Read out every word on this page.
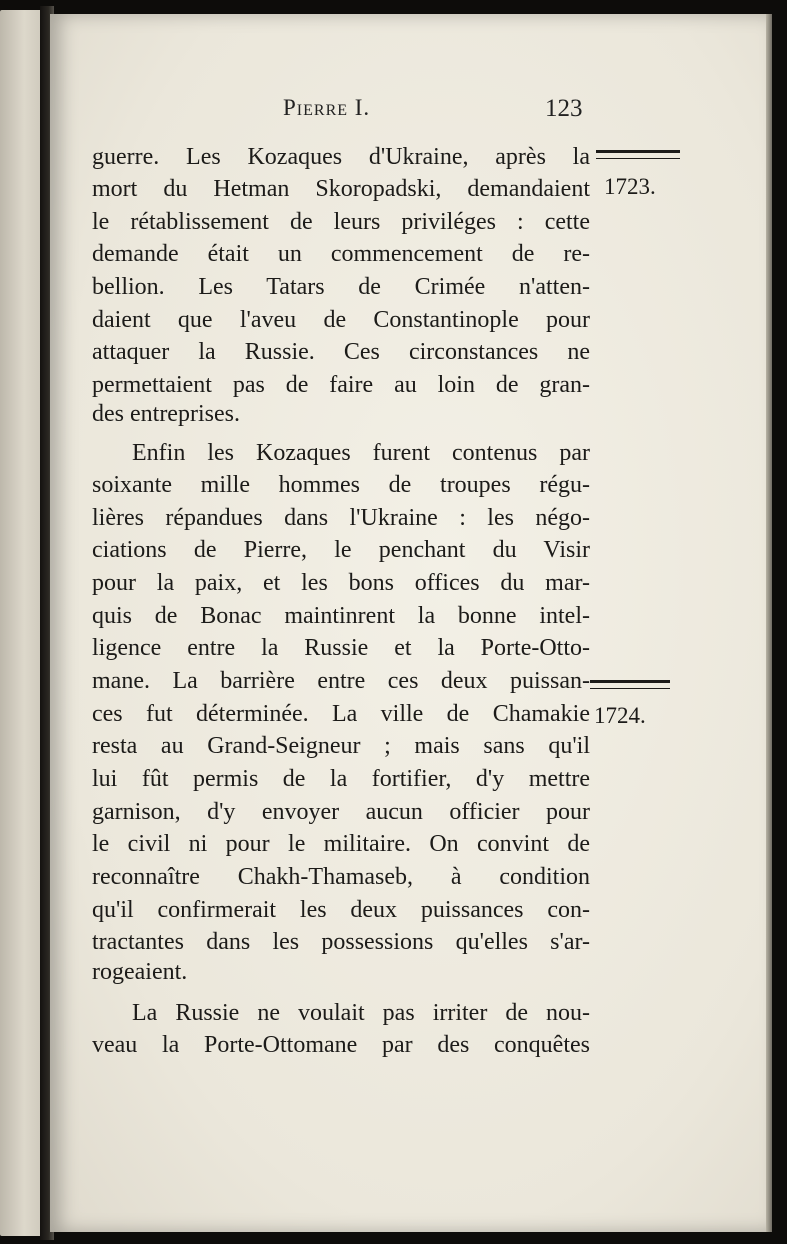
Pierre I.	123
guerre. Les Kozaques d'Ukraine, après la
mort du Hetman Skoropadski, demandaient
le rétablissement de leurs priviléges : cette
demande était un commencement de re-
bellion. Les Tatars de Crimée n'atten-
daient que l'aveu de Constantinople pour
attaquer la Russie. Ces circonstances ne
permettaient pas de faire au loin de gran-
des entreprises.
Enfin les Kozaques furent contenus par
soixante mille hommes de troupes régu-
lières répandues dans l'Ukraine : les négo-
ciations de Pierre, le penchant du Visir
pour la paix, et les bons offices du mar-
quis de Bonac maintinrent la bonne intel-
ligence entre la Russie et la Porte-Otto-
mane. La barrière entre ces deux puissan-
ces fut déterminée. La ville de Chamakie
resta au Grand-Seigneur ; mais sans qu'il
lui fût permis de la fortifier, d'y mettre
garnison, d'y envoyer aucun officier pour
le civil ni pour le militaire. On convint de
reconnaître Chakh-Thamaseb, à condition
qu'il confirmerait les deux puissances con-
tractantes dans les possessions qu'elles s'ar-
rogeaient.
La Russie ne voulait pas irriter de nou-
veau la Porte-Ottomane par des conquêtes
1723.
1724.
